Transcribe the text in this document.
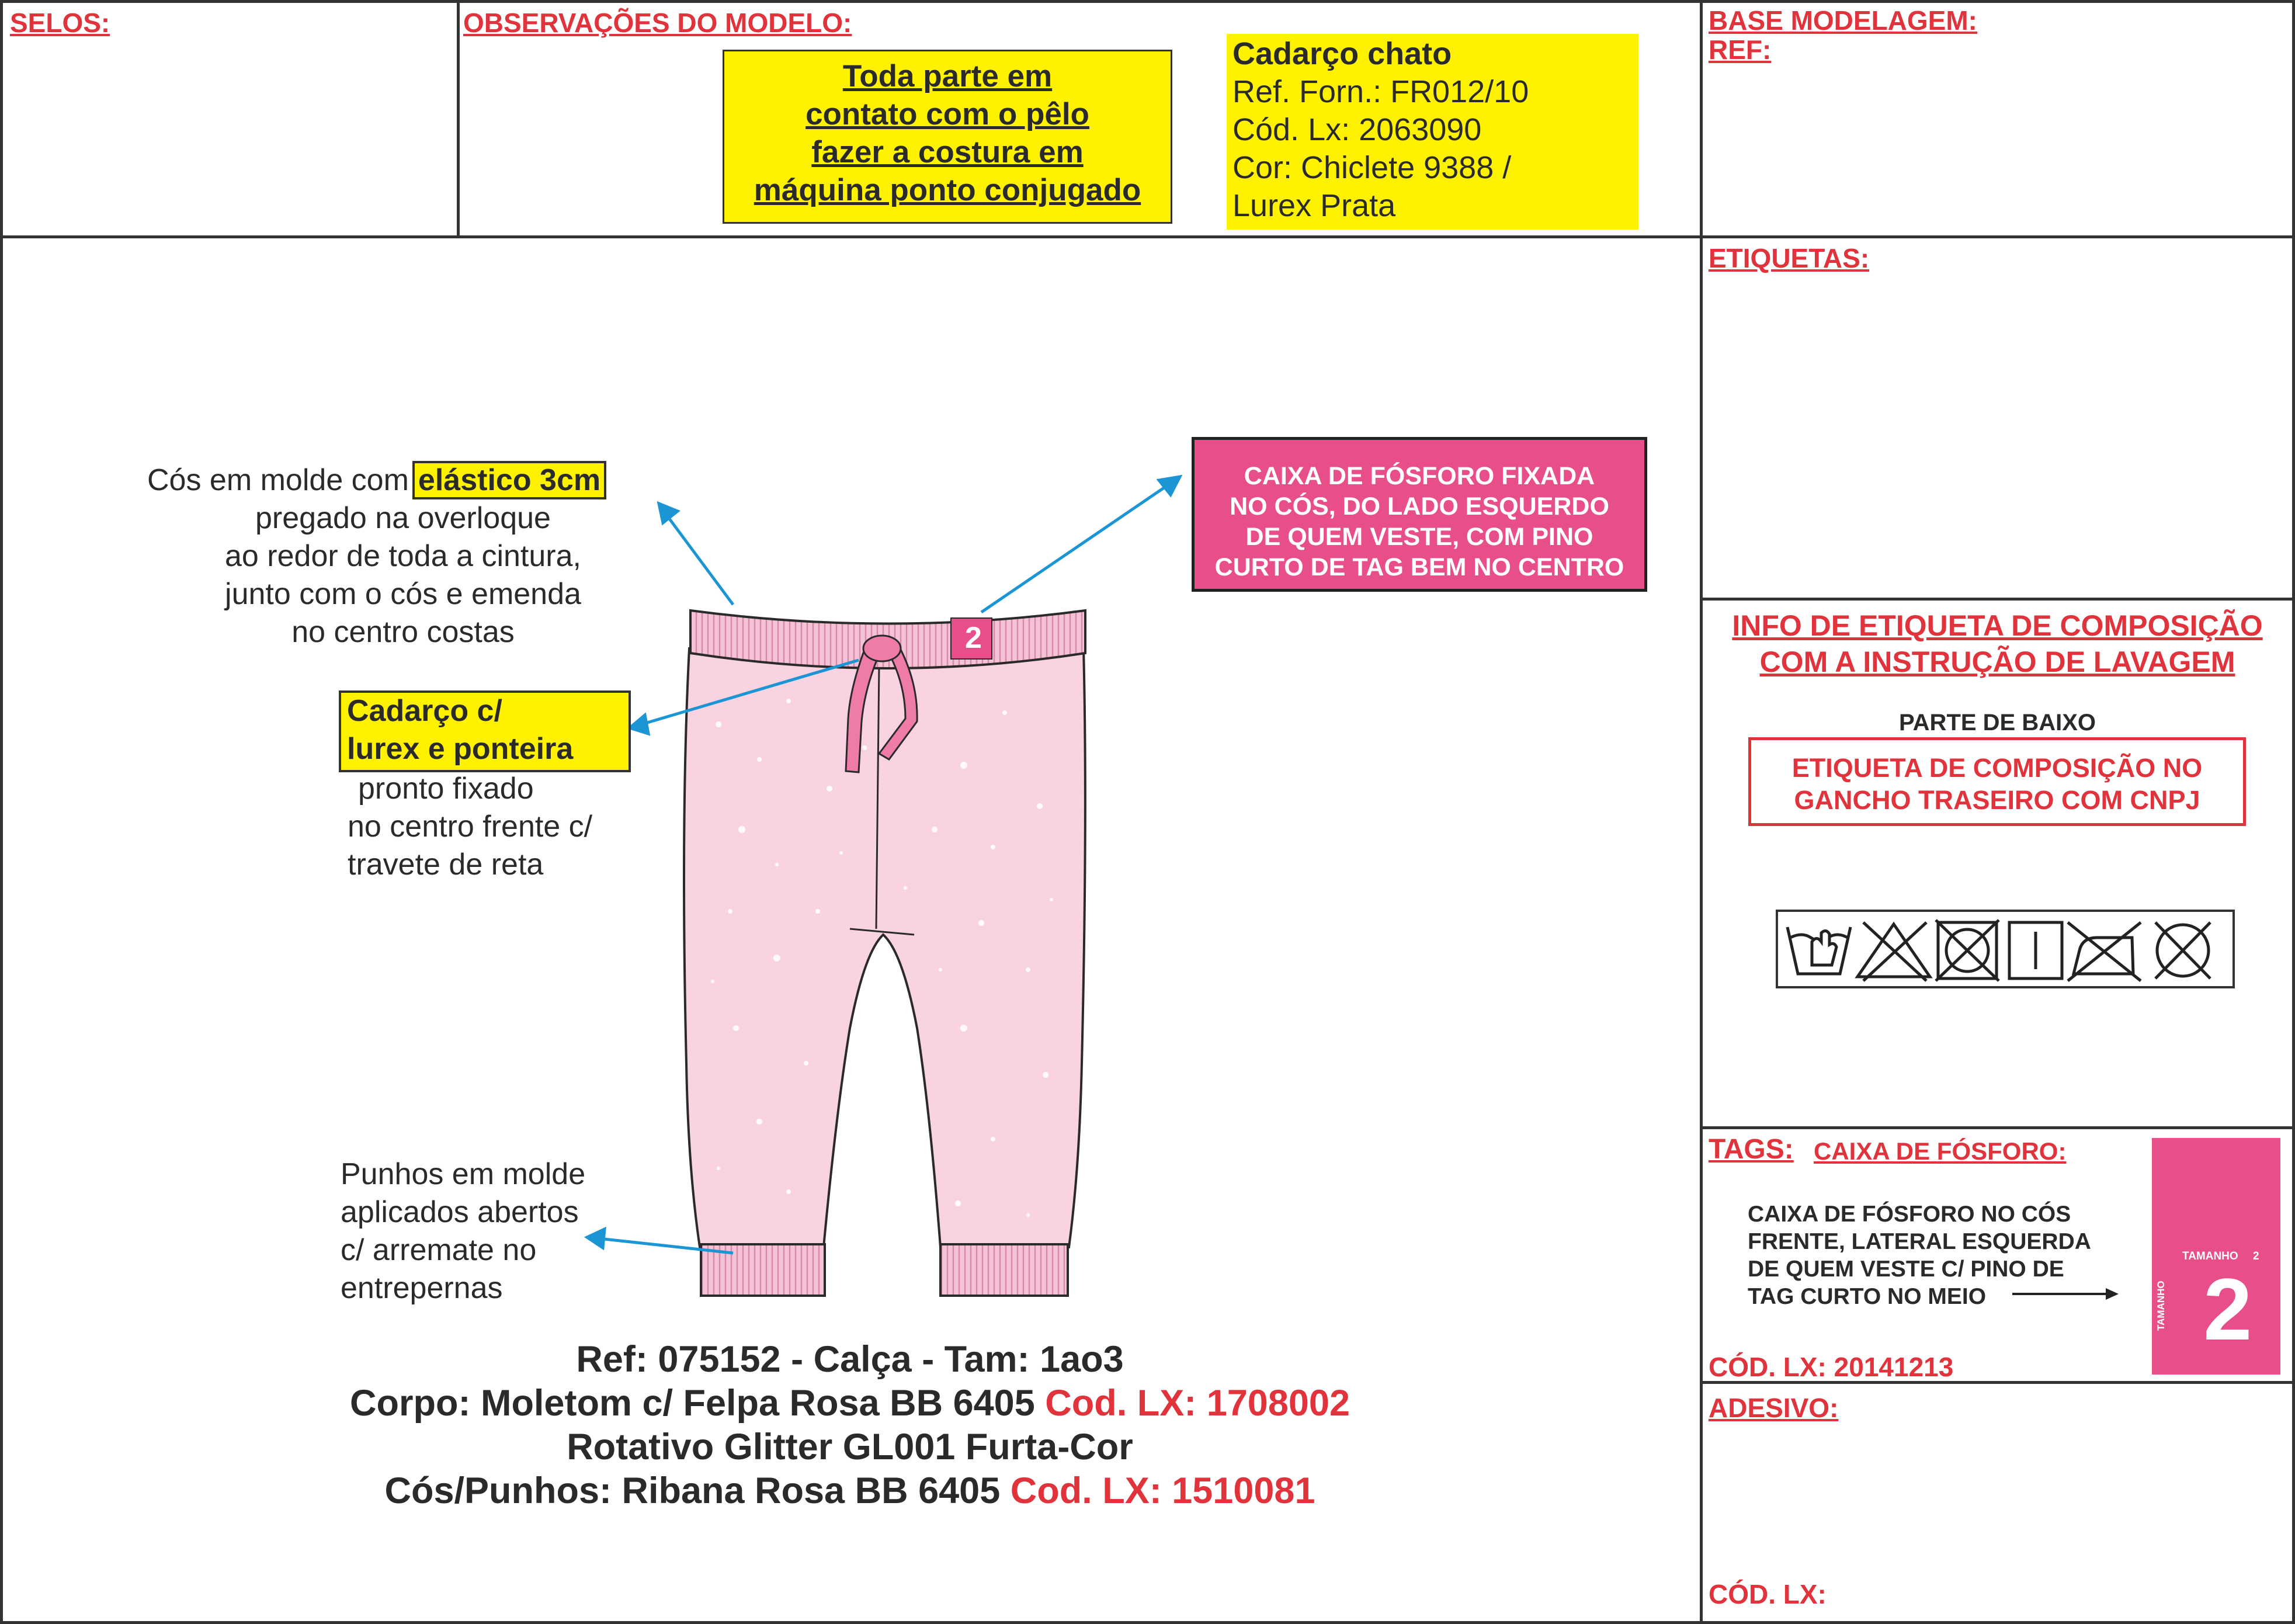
SELOS:	OBSERVAÇÕES DO MODELO:
Toda parte em
contato com o pêlo
fazer a costura em
máquina ponto conjugado
Cadarço chato
Ref. Forn.: FR012/10
Cód. Lx: 2063090
Cor: Chiclete 9388 /
Lurex Prata
BASE MODELAGEM:
REF:
ETIQUETAS:
INFO DE ETIQUETA DE COMPOSIÇÃO
COM A INSTRUÇÃO DE LAVAGEM
PARTE DE BAIXO
ETIQUETA DE COMPOSIÇÃO NO
GANCHO TRASEIRO COM CNPJ
TAGS: CAIXA DE FÓSFORO:
CAIXA DE FÓSFORO NO CÓS
FRENTE, LATERAL ESQUERDA
DE QUEM VESTE C/ PINO DE
TAG CURTO NO MEIO
TAMANHO 2
TAMANHO 2
CÓD. LX: 20141213
ADESIVO:
CÓD. LX:
2
Cós em molde com elástico 3cm
pregado na overloque
ao redor de toda a cintura,
junto com o cós e emenda
no centro costas
Cadarço c/
lurex e ponteira
pronto fixado
no centro frente c/
travete de reta
CAIXA DE FÓSFORO FIXADA
NO CÓS, DO LADO ESQUERDO
DE QUEM VESTE, COM PINO
CURTO DE TAG BEM NO CENTRO
Punhos em molde
aplicados abertos
c/ arremate no
entrepernas
Ref: 075152 - Calça - Tam: 1ao3
Corpo: Moletom c/ Felpa Rosa BB 6405 Cod. LX: 1708002
Rotativo Glitter GL001 Furta-Cor
Cós/Punhos: Ribana Rosa BB 6405 Cod. LX: 1510081
